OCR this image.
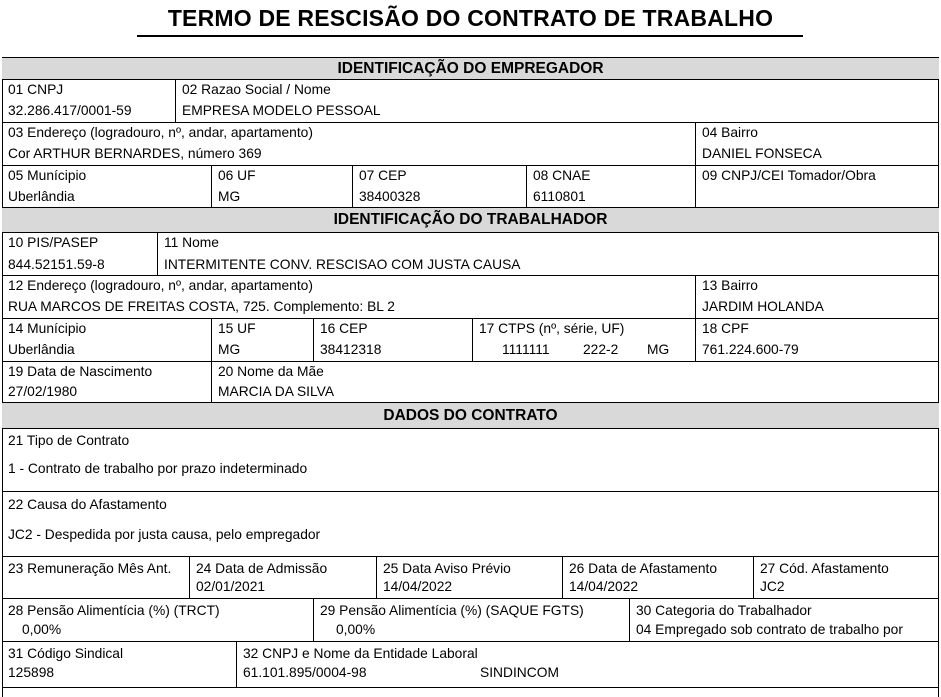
TERMO DE RESCISÃO DO CONTRATO DE TRABALHO
IDENTIFICAÇÃO DO EMPREGADOR
01 CNPJ
32.286.417/0001-59
02 Razao Social / Nome
EMPRESA MODELO PESSOAL
03 Endereço (logradouro, nº, andar, apartamento)
Cor ARTHUR BERNARDES, número 369
04 Bairro
DANIEL FONSECA
05 Munícipio
Uberlândia
06 UF
MG
07 CEP
38400328
08 CNAE
6110801
09 CNPJ/CEI Tomador/Obra
IDENTIFICAÇÃO DO TRABALHADOR
10 PIS/PASEP
844.52151.59-8
11 Nome
INTERMITENTE CONV. RESCISAO COM JUSTA CAUSA
12 Endereço (logradouro, nº, andar, apartamento)
RUA MARCOS DE FREITAS COSTA, 725. Complemento: BL 2
13 Bairro
JARDIM HOLANDA
14 Munícipio
Uberlândia
15 UF
MG
16 CEP
38412318
17 CTPS (nº, série, UF)
1111111 222-2 MG
18 CPF
761.224.600-79
19 Data de Nascimento
27/02/1980
20 Nome da Mãe
MARCIA DA SILVA
DADOS DO CONTRATO
21 Tipo de Contrato
1 - Contrato de trabalho por prazo indeterminado
22 Causa do Afastamento
JC2 - Despedida por justa causa, pelo empregador
23 Remuneração Mês Ant. 24 Data de Admissão
02/01/2021
25 Data Aviso Prévio
14/04/2022
26 Data de Afastamento
14/04/2022
27 Cód. Afastamento
JC2
28 Pensão Alimentícia (%) (TRCT)
0,00%
29 Pensão Alimentícia (%) (SAQUE FGTS)
0,00%
30 Categoria do Trabalhador
04 Empregado sob contrato de trabalho por
31 Código Sindical
125898
32 CNPJ e Nome da Entidade Laboral
61.101.895/0004-98	SINDINCOM
